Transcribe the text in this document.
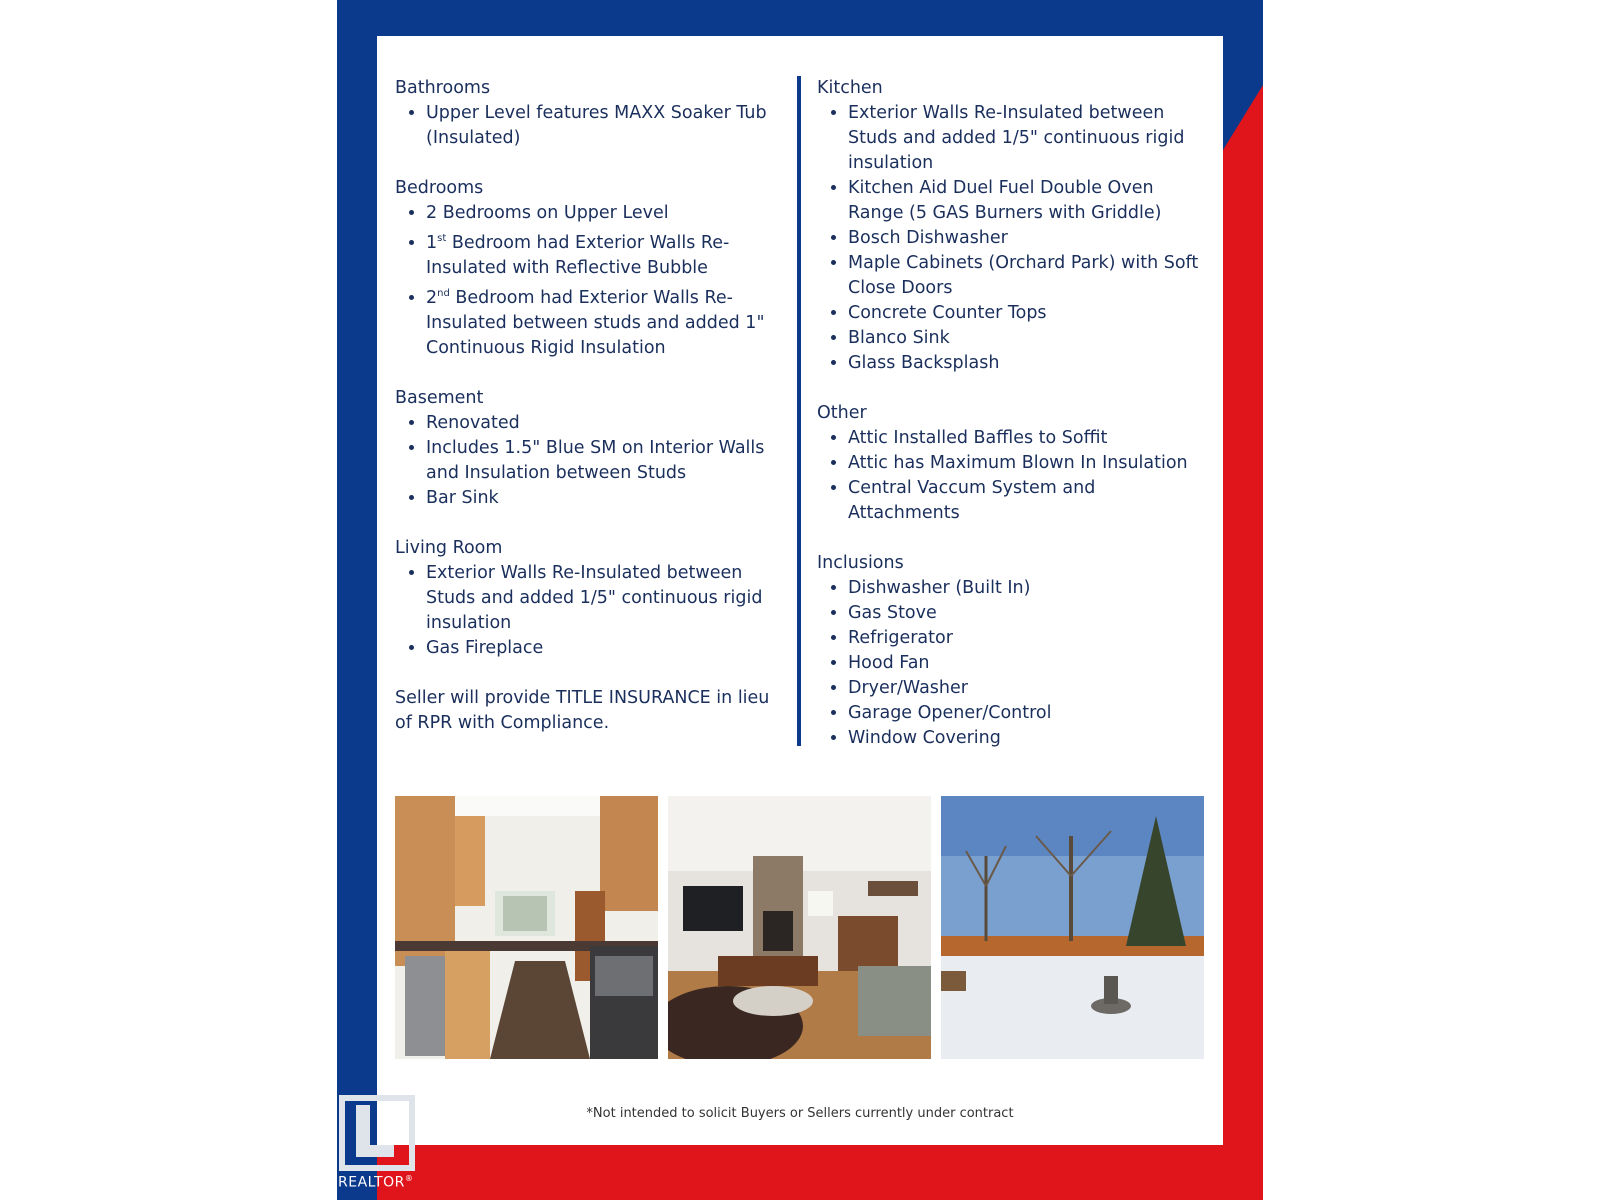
Bathrooms
• Upper Level features MAXX Soaker Tub (Insulated)
Bedrooms
• 2 Bedrooms on Upper Level
• 1st Bedroom had Exterior Walls Re-Insulated with Reflective Bubble
• 2nd Bedroom had Exterior Walls Re-Insulated between studs and added 1" Continuous Rigid Insulation
Basement
• Renovated
• Includes 1.5" Blue SM on Interior Walls and Insulation between Studs
• Bar Sink
Living Room
• Exterior Walls Re-Insulated between Studs and added 1/5" continuous rigid insulation
• Gas Fireplace

Seller will provide TITLE INSURANCE in lieu of RPR with Compliance.

Kitchen
• Exterior Walls Re-Insulated between Studs and added 1/5" continuous rigid insulation
• Kitchen Aid Duel Fuel Double Oven Range (5 GAS Burners with Griddle)
• Bosch Dishwasher
• Maple Cabinets (Orchard Park) with Soft Close Doors
• Concrete Counter Tops
• Blanco Sink
• Glass Backsplash
Other
• Attic Installed Baffles to Soffit
• Attic has Maximum Blown In Insulation
• Central Vaccum System and Attachments
Inclusions
• Dishwasher (Built In)
• Gas Stove
• Refrigerator
• Hood Fan
• Dryer/Washer
• Garage Opener/Control
• Window Covering
*Not intended to solicit Buyers or Sellers currently under contract
REALTOR®
